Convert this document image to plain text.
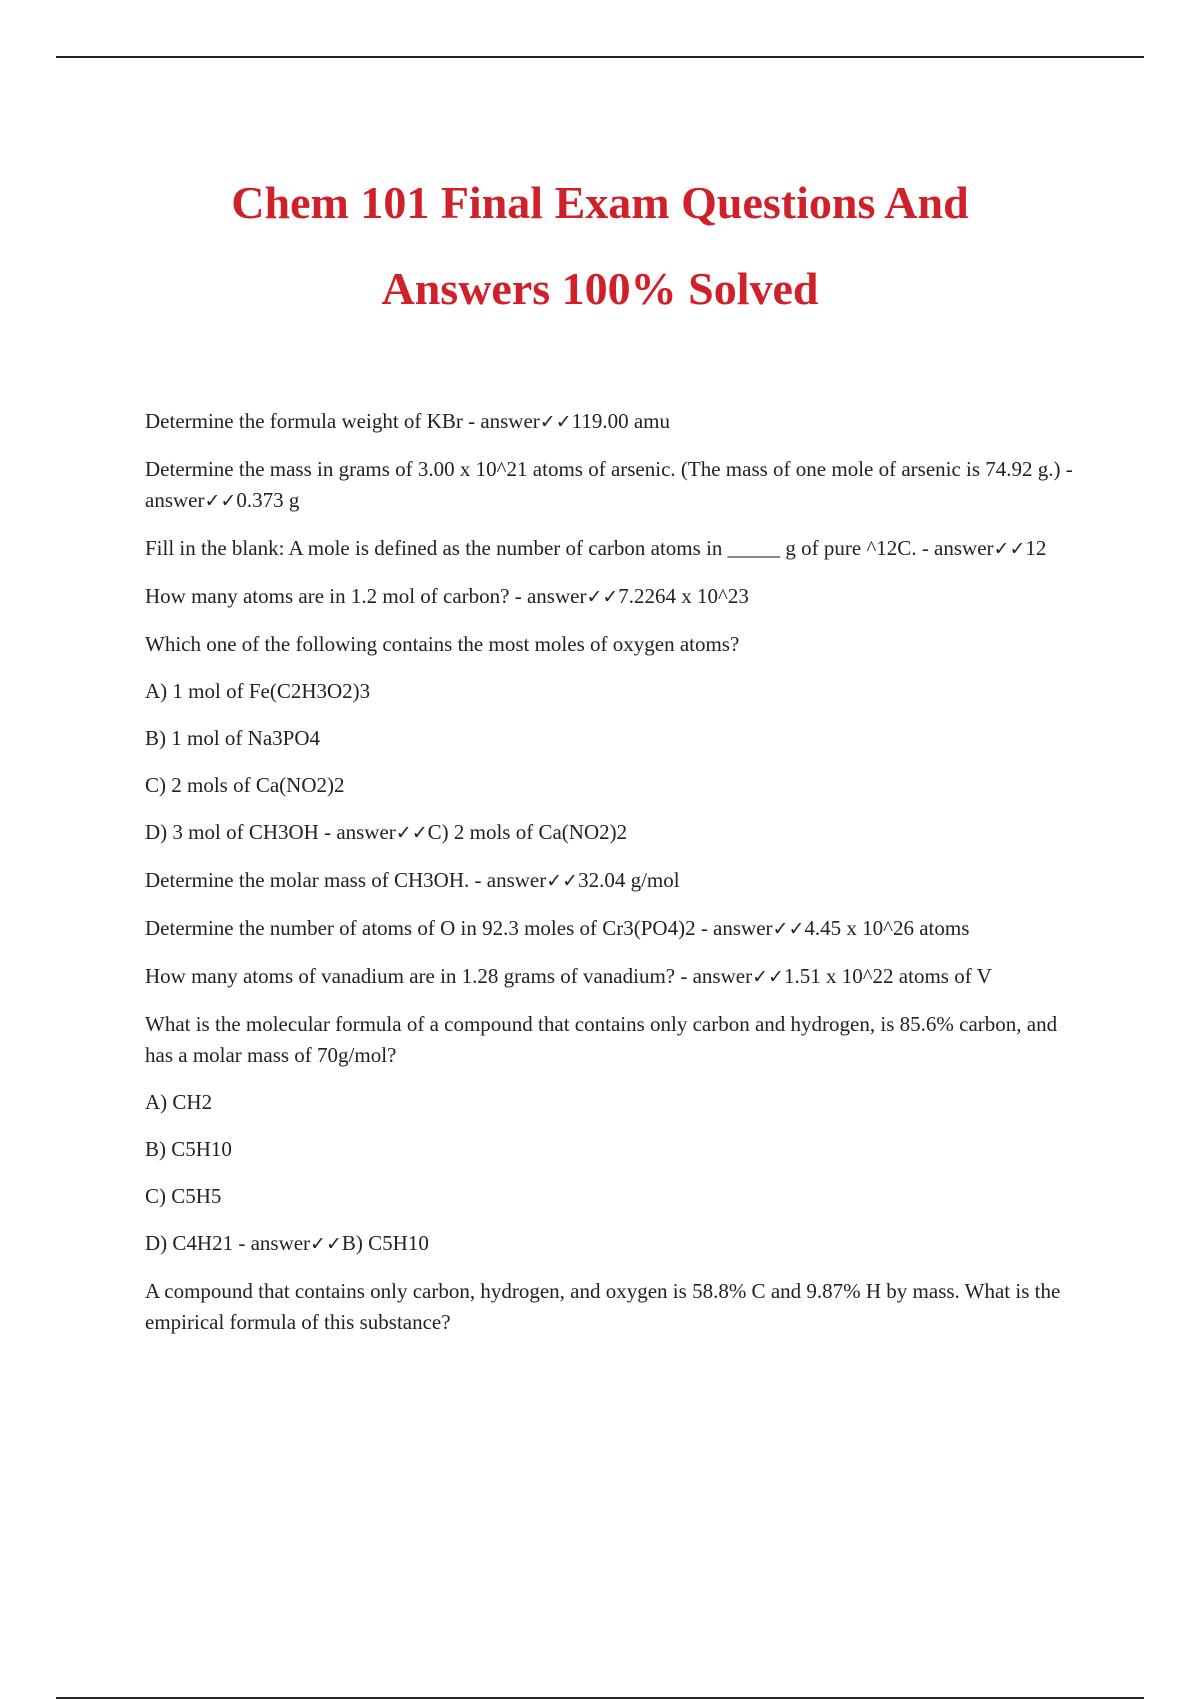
Chem 101 Final Exam Questions And
Answers 100% Solved

Determine the formula weight of KBr - answer✓✓119.00 amu

Determine the mass in grams of 3.00 x 10^21 atoms of arsenic. (The mass of one mole of arsenic is 74.92 g.) - answer✓✓0.373 g

Fill in the blank: A mole is defined as the number of carbon atoms in _____ g of pure ^12C. - answer✓✓12

How many atoms are in 1.2 mol of carbon? - answer✓✓7.2264 x 10^23

Which one of the following contains the most moles of oxygen atoms?

A) 1 mol of Fe(C2H3O2)3

B) 1 mol of Na3PO4

C) 2 mols of Ca(NO2)2

D) 3 mol of CH3OH - answer✓✓C) 2 mols of Ca(NO2)2

Determine the molar mass of CH3OH. - answer✓✓32.04 g/mol

Determine the number of atoms of O in 92.3 moles of Cr3(PO4)2 - answer✓✓4.45 x 10^26 atoms

How many atoms of vanadium are in 1.28 grams of vanadium? - answer✓✓1.51 x 10^22 atoms of V

What is the molecular formula of a compound that contains only carbon and hydrogen, is 85.6% carbon, and has a molar mass of 70g/mol?

A) CH2

B) C5H10

C) C5H5

D) C4H21 - answer✓✓B) C5H10

A compound that contains only carbon, hydrogen, and oxygen is 58.8% C and 9.87% H by mass. What is the empirical formula of this substance?
